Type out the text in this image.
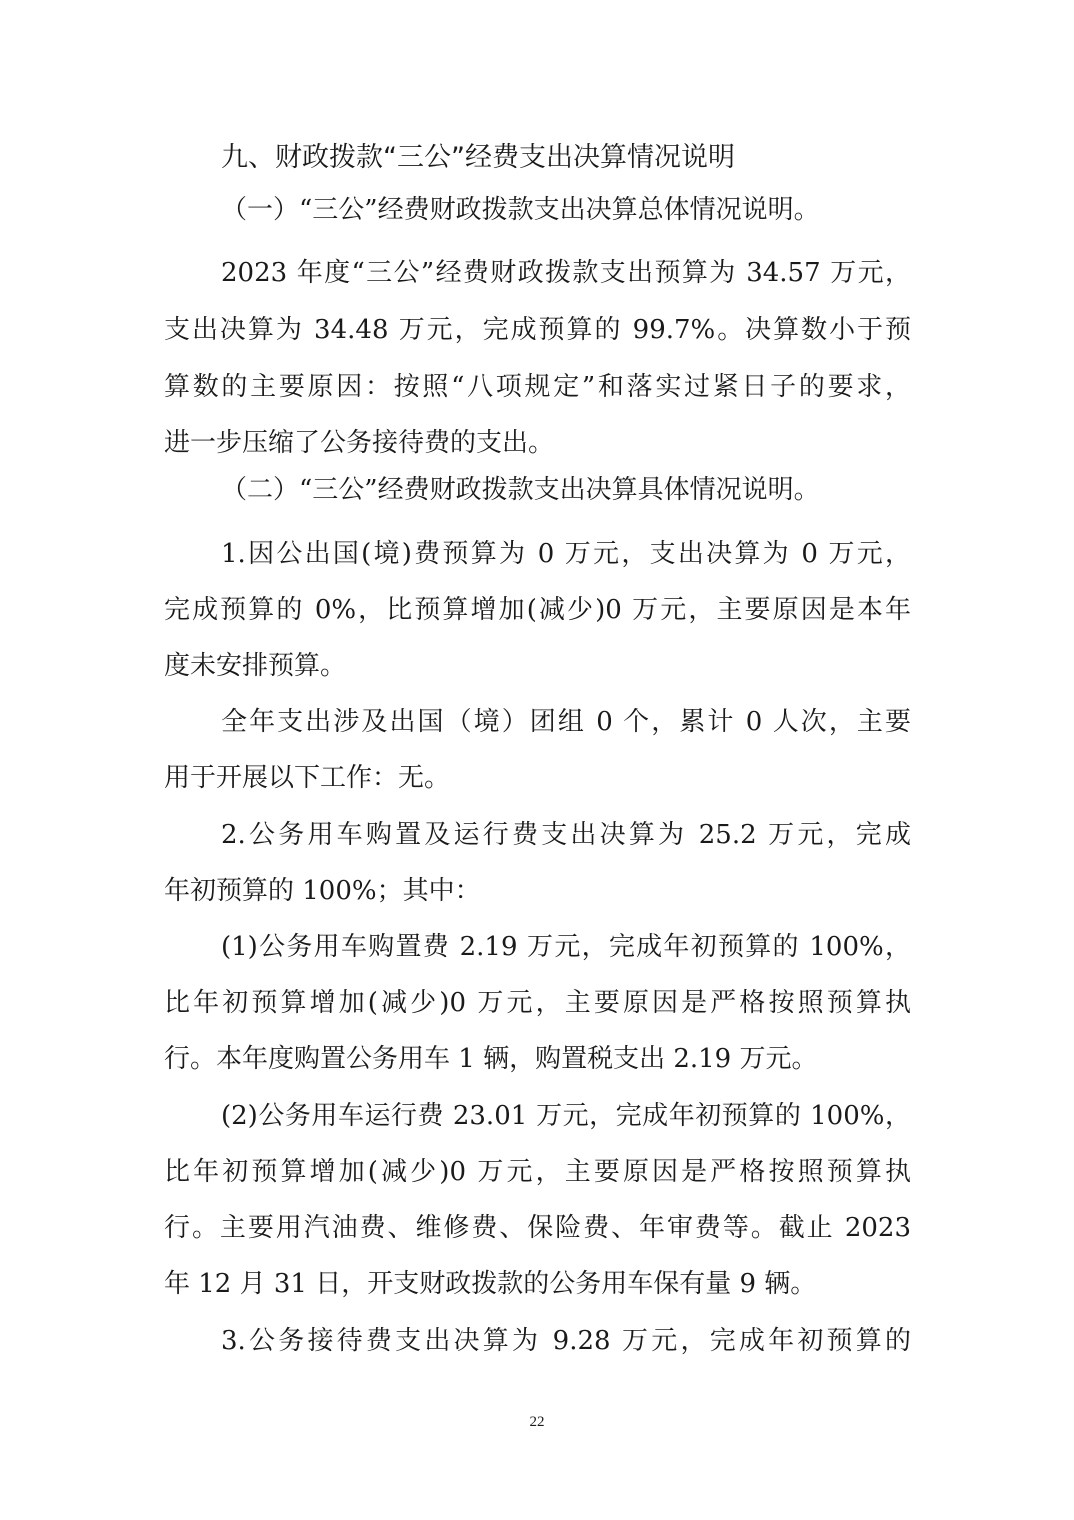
九、财政拨款“三公”经费支出决算情况说明
（一）“三公”经费财政拨款支出决算总体情况说明。
2023 年度“三公”经费财政拨款支出预算为 34.57 万元，
支出决算为 34.48 万元，完成预算的 99.7%。决算数小于预
算数的主要原因：按照“八项规定”和落实过紧日子的要求，
进一步压缩了公务接待费的支出。
（二）“三公”经费财政拨款支出决算具体情况说明。
1.因公出国(境)费预算为 0 万元，支出决算为 0 万元，
完成预算的 0%，比预算增加(减少)0 万元，主要原因是本年
度未安排预算。
全年支出涉及出国（境）团组 0 个，累计 0 人次，主要
用于开展以下工作：无。
2.公务用车购置及运行费支出决算为 25.2 万元，完成
年初预算的 100%；其中：
(1)公务用车购置费 2.19 万元，完成年初预算的 100%，
比年初预算增加(减少)0 万元，主要原因是严格按照预算执
行。本年度购置公务用车 1 辆，购置税支出 2.19 万元。
(2)公务用车运行费 23.01 万元，完成年初预算的 100%，
比年初预算增加(减少)0 万元，主要原因是严格按照预算执
行。主要用汽油费、维修费、保险费、年审费等。截止 2023
年 12 月 31 日，开支财政拨款的公务用车保有量 9 辆。
3.公务接待费支出决算为 9.28 万元，完成年初预算的
22
